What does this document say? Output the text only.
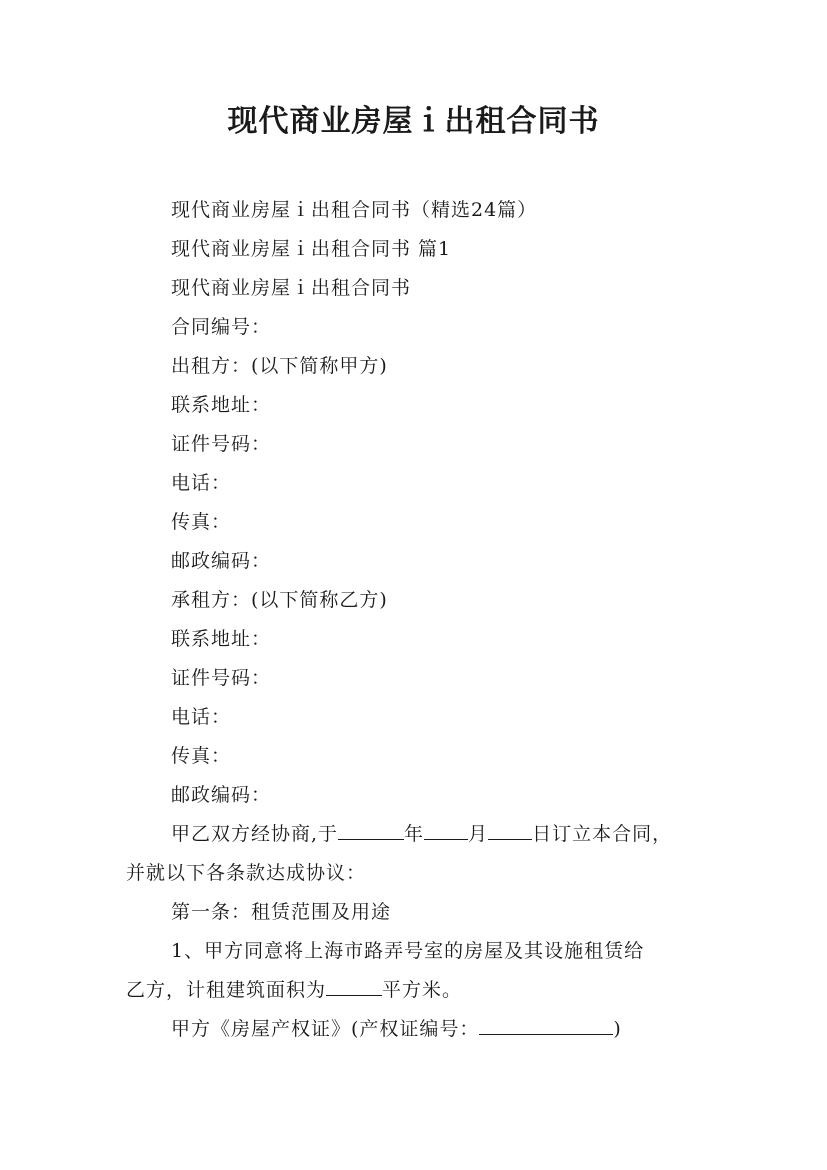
现代商业房屋ｉ出租合同书
现代商业房屋ｉ出租合同书（精选24篇）
现代商业房屋ｉ出租合同书 篇1
现代商业房屋ｉ出租合同书
合同编号：
出租方：(以下简称甲方)
联系地址：
证件号码：
电话：
传真：
邮政编码：
承租方：(以下简称乙方)
联系地址：
证件号码：
电话：
传真：
邮政编码：
甲乙双方经协商,于	年 月 日订立本合同，
并就以下各条款达成协议：
第一条：租赁范围及用途
1、甲方同意将上海市路弄号室的房屋及其设施租赁给
乙方，计租建筑面积为	平方米。
甲方《房屋产权证》(产权证编号：	)
